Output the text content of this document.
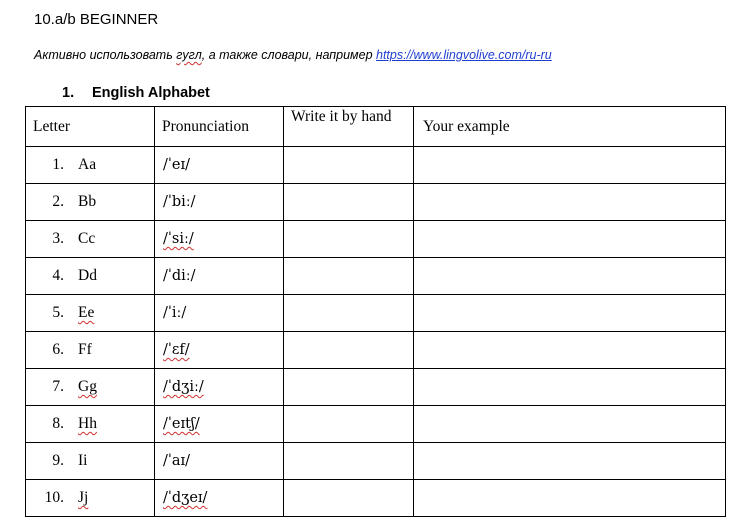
10.a/b BEGINNER
Активно использовать гугл, а также словари, например https://www.lingvolive.com/ru-ru
1. English Alphabet
Letter	Pronunciation	Write it by hand	Your example
1. Aa	/ˈeɪ/		
2. Bb	/ˈbiː/		
3. Cc	/ˈsiː/		
4. Dd	/ˈdiː/		
5. Ee	/ˈiː/		
6. Ff	/ˈɛf/		
7. Gg	/ˈdʒiː/		
8. Hh	/ˈeɪtʃ/		
9. Ii	/ˈaɪ/		
10. Jj	/ˈdʒeɪ/		
